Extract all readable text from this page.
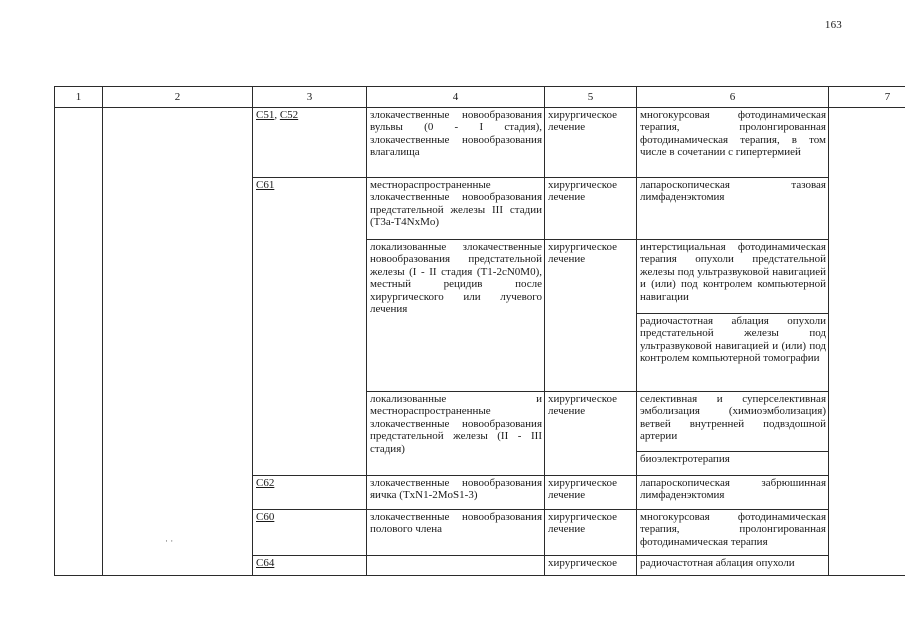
163
· ·
1	2	3	4	5	6	7
		C51, C52	злокачественные новообразования вульвы (0 - I стадия), злокачественные новообразования влагалища	хирургическое лечение	многокурсовая фотодинамическая терапия, пролонгированная фотодинамическая терапия, в том числе в сочетании с гипертермией	
		C61	местнораспространенные злокачественные новообразования предстательной железы III стадии (T3a-T4NxMo)	хирургическое лечение	лапароскопическая тазовая лимфаденэктомия	
			локализованные злокачественные новообразования предстательной железы (I - II стадия (T1-2cN0M0), местный рецидив после хирургического или лучевого лечения	хирургическое лечение	интерстициальная фотодинамическая терапия опухоли предстательной железы под ультразвуковой навигацией и (или) под контролем компьютерной навигации	
					радиочастотная аблация опухоли предстательной железы под ультразвуковой навигацией и (или) под контролем компьютерной томографии	
			локализованные и местнораспространенные злокачественные новообразования предстательной железы (II - III стадия)	хирургическое лечение	селективная и суперселективная эмболизация (химиоэмболизация) ветвей внутренней подвздошной артерии	
					биоэлектротерапия	
		C62	злокачественные новообразования яичка (TxN1-2MoS1-3)	хирургическое лечение	лапароскопическая забрюшинная лимфаденэктомия	
		C60	злокачественные новообразования полового члена	хирургическое лечение	многокурсовая фотодинамическая терапия, пролонгированная фотодинамическая терапия	
		C64		хирургическое	радиочастотная аблация опухоли	
